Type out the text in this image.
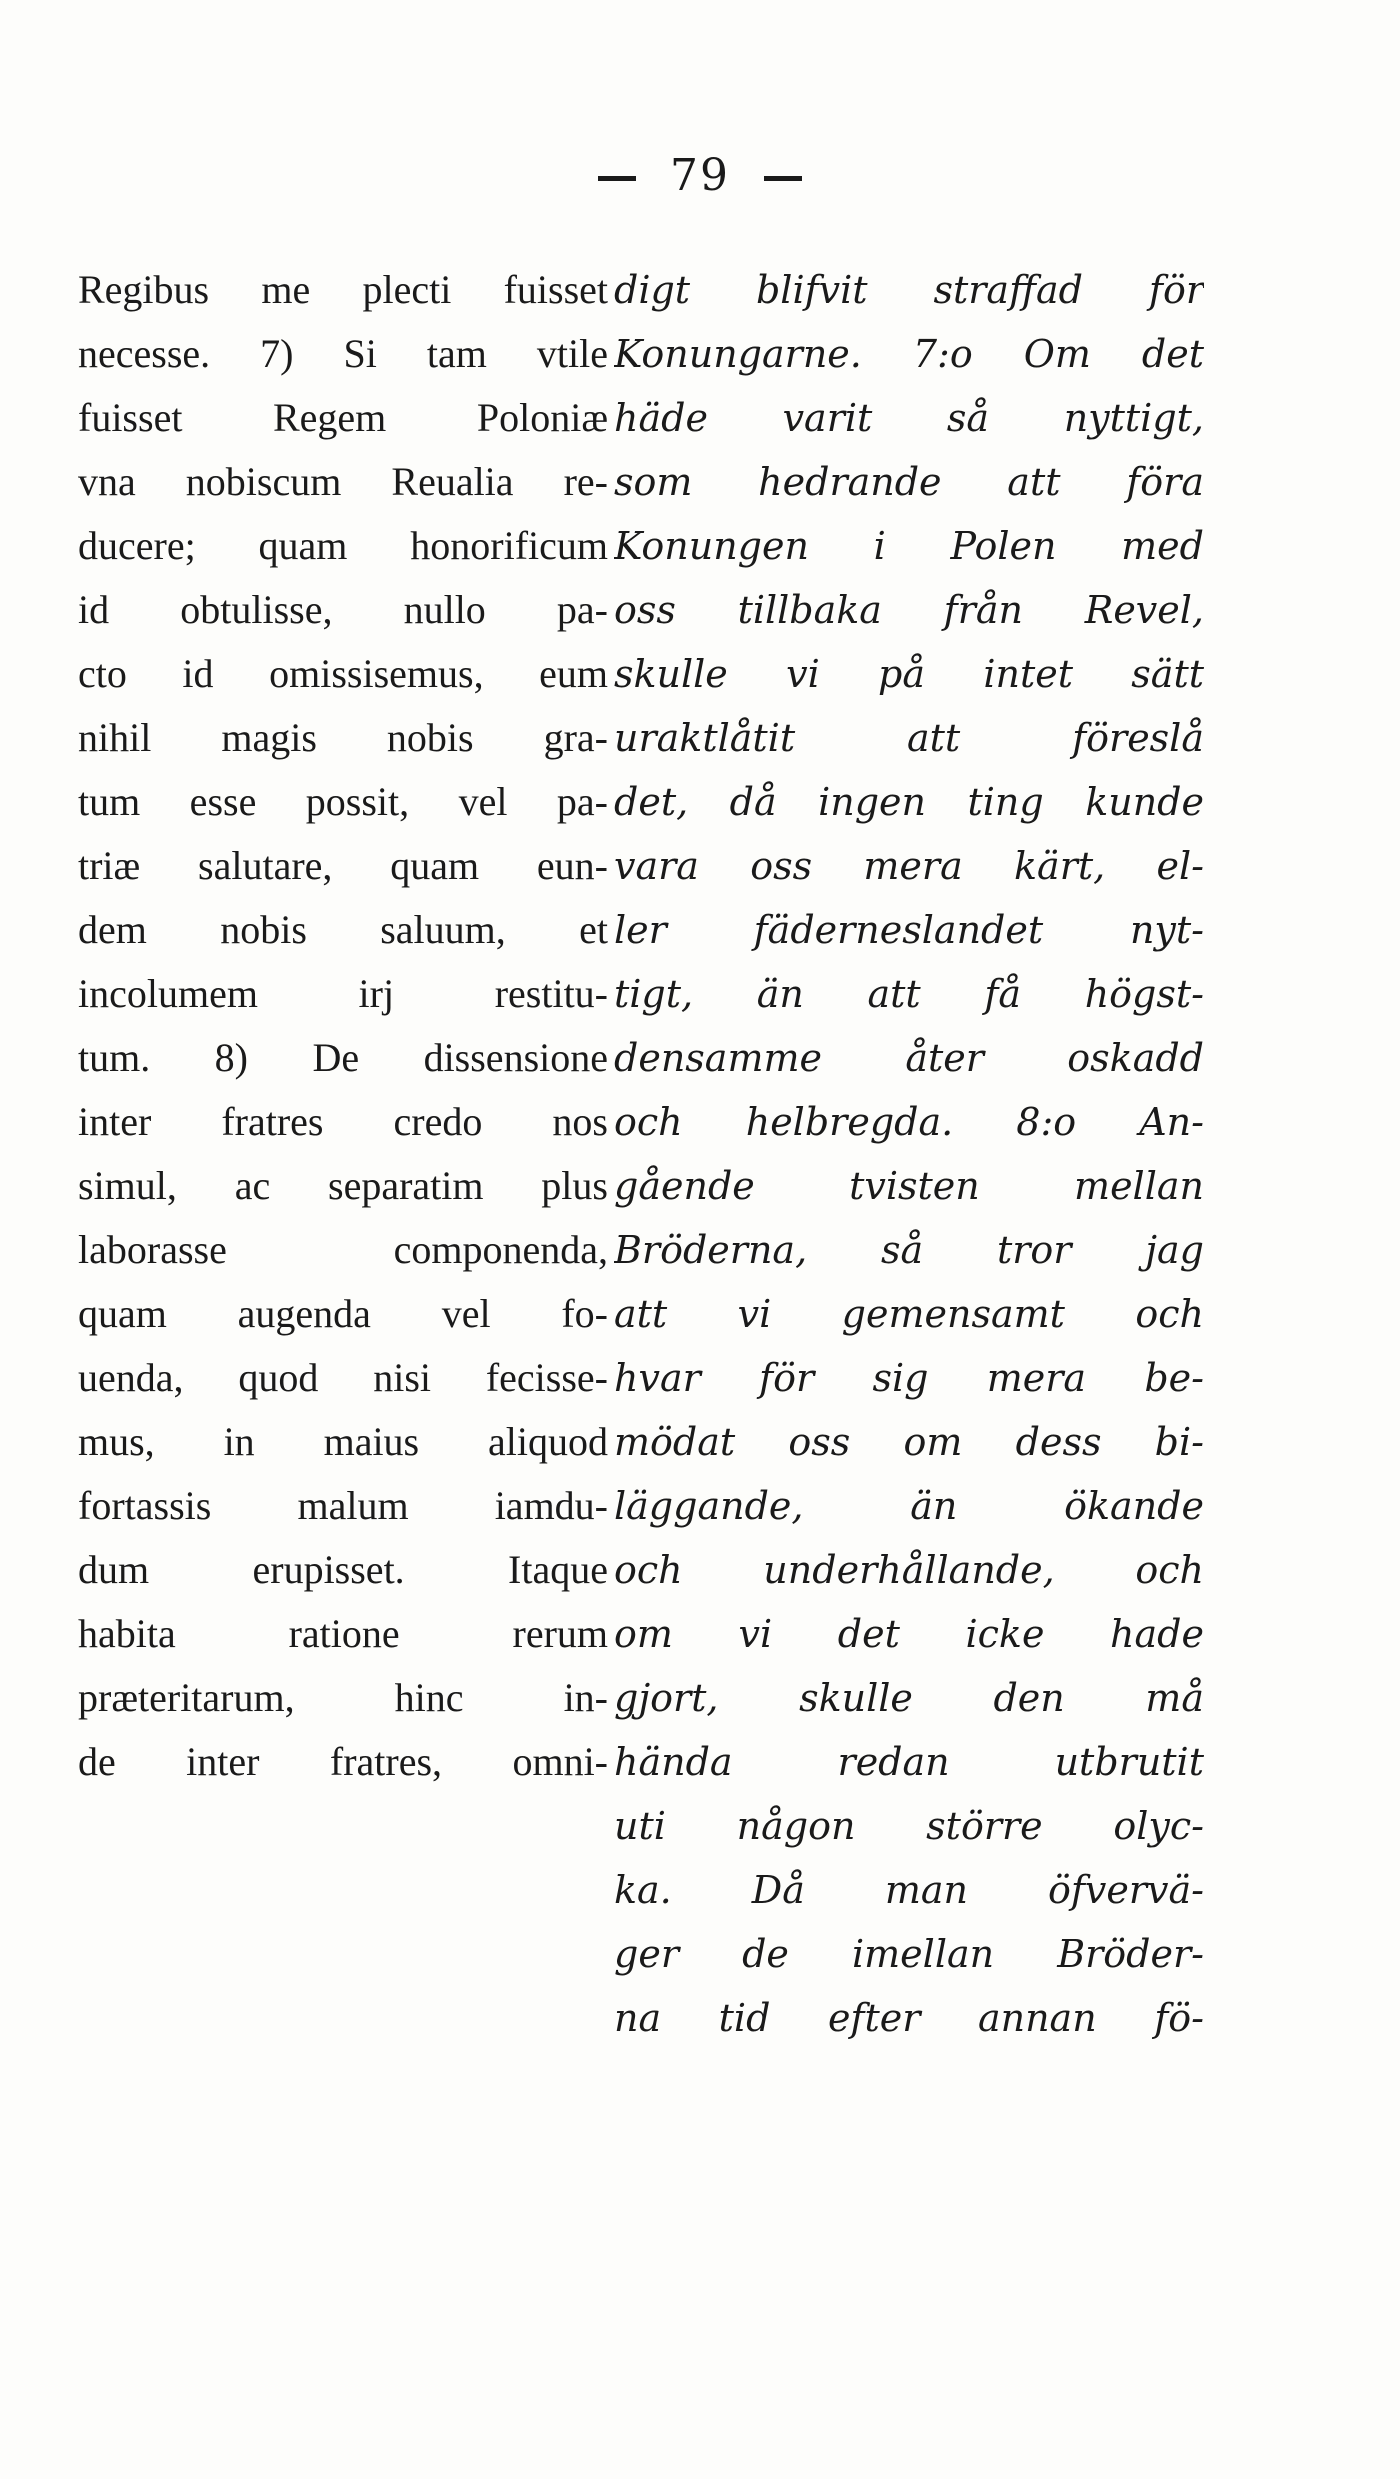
79
Regibus me plecti fuisset
necesse. 7) Si tam vtile
fuisset Regem Poloniæ
vna nobiscum Reualia re-
ducere; quam honorificum
id obtulisse, nullo pa-
cto id omissisemus, eum
nihil magis nobis gra-
tum esse possit, vel pa-
triæ salutare, quam eun-
dem nobis saluum, et
incolumem irj restitu-
tum. 8) De dissensione
inter fratres credo nos
simul, ac separatim plus
laborasse componenda,
quam augenda vel fo-
uenda, quod nisi fecisse-
mus, in maius aliquod
fortassis malum iamdu-
dum erupisset. Itaque
habita ratione rerum
præteritarum, hinc in-
de inter fratres, omni-
digt blifvit straffad för
Konungarne. 7:o Om det
häde varit så nyttigt,
som hedrande att föra
Konungen i Polen med
oss tillbaka från Revel,
skulle vi på intet sätt
uraktlåtit att föreslå
det, då ingen ting kunde
vara oss mera kärt, el-
ler fäderneslandet nyt-
tigt, än att få högst-
densamme åter oskadd
och helbregda. 8:o An-
gående tvisten mellan
Bröderna, så tror jag
att vi gemensamt och
hvar för sig mera be-
mödat oss om dess bi-
läggande, än ökande
och underhållande, och
om vi det icke hade
gjort, skulle den må
hända redan utbrutit
uti någon större olyc-
ka. Då man öfvervä-
ger de imellan Bröder-
na tid efter annan fö-
